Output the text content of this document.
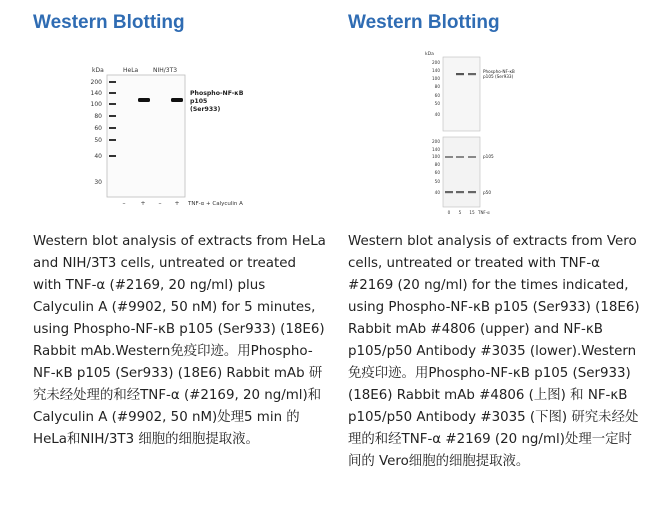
Western Blotting
kDa	HeLa NIH/3T3
200
140
100
80
60
50
40
30
Phospho-NF-κB
p105
(Ser933)
– + – + TNF-α + Calyculin A
Western blot analysis of extracts from HeLa and NIH/3T3 cells, untreated or treated with TNF-α (#2169, 20 ng/ml) plus Calyculin A (#9902, 50 nM) for 5 minutes, using Phospho-NF-κB p105 (Ser933) (18E6) Rabbit mAb.Western免疫印迹。用Phospho-NF-κB p105 (Ser933) (18E6) Rabbit mAb 研究未经处理的和经TNF-α (#2169, 20 ng/ml)和Calyculin A (#9902, 50 nM)处理5 min 的HeLa和NIH/3T3 细胞的细胞提取液。
Western Blotting
kDa
200
140
100
80
60
50
40
Phospho-NF-κB
p105 (Ser933)
200
140
100
80
60
50
40
p105
p50
0 5 15 TNF-α
Western blot analysis of extracts from Vero cells, untreated or treated with TNF-α #2169 (20 ng/ml) for the times indicated, using Phospho-NF-κB p105 (Ser933) (18E6) Rabbit mAb #4806 (upper) and NF-κB p105/p50 Antibody #3035 (lower).Western免疫印迹。用Phospho-NF-κB p105 (Ser933) (18E6) Rabbit mAb #4806 (上图) 和 NF-κB p105/p50 Antibody #3035 (下图) 研究未经处理的和经TNF-α #2169 (20 ng/ml)处理一定时间的 Vero细胞的细胞提取液。
